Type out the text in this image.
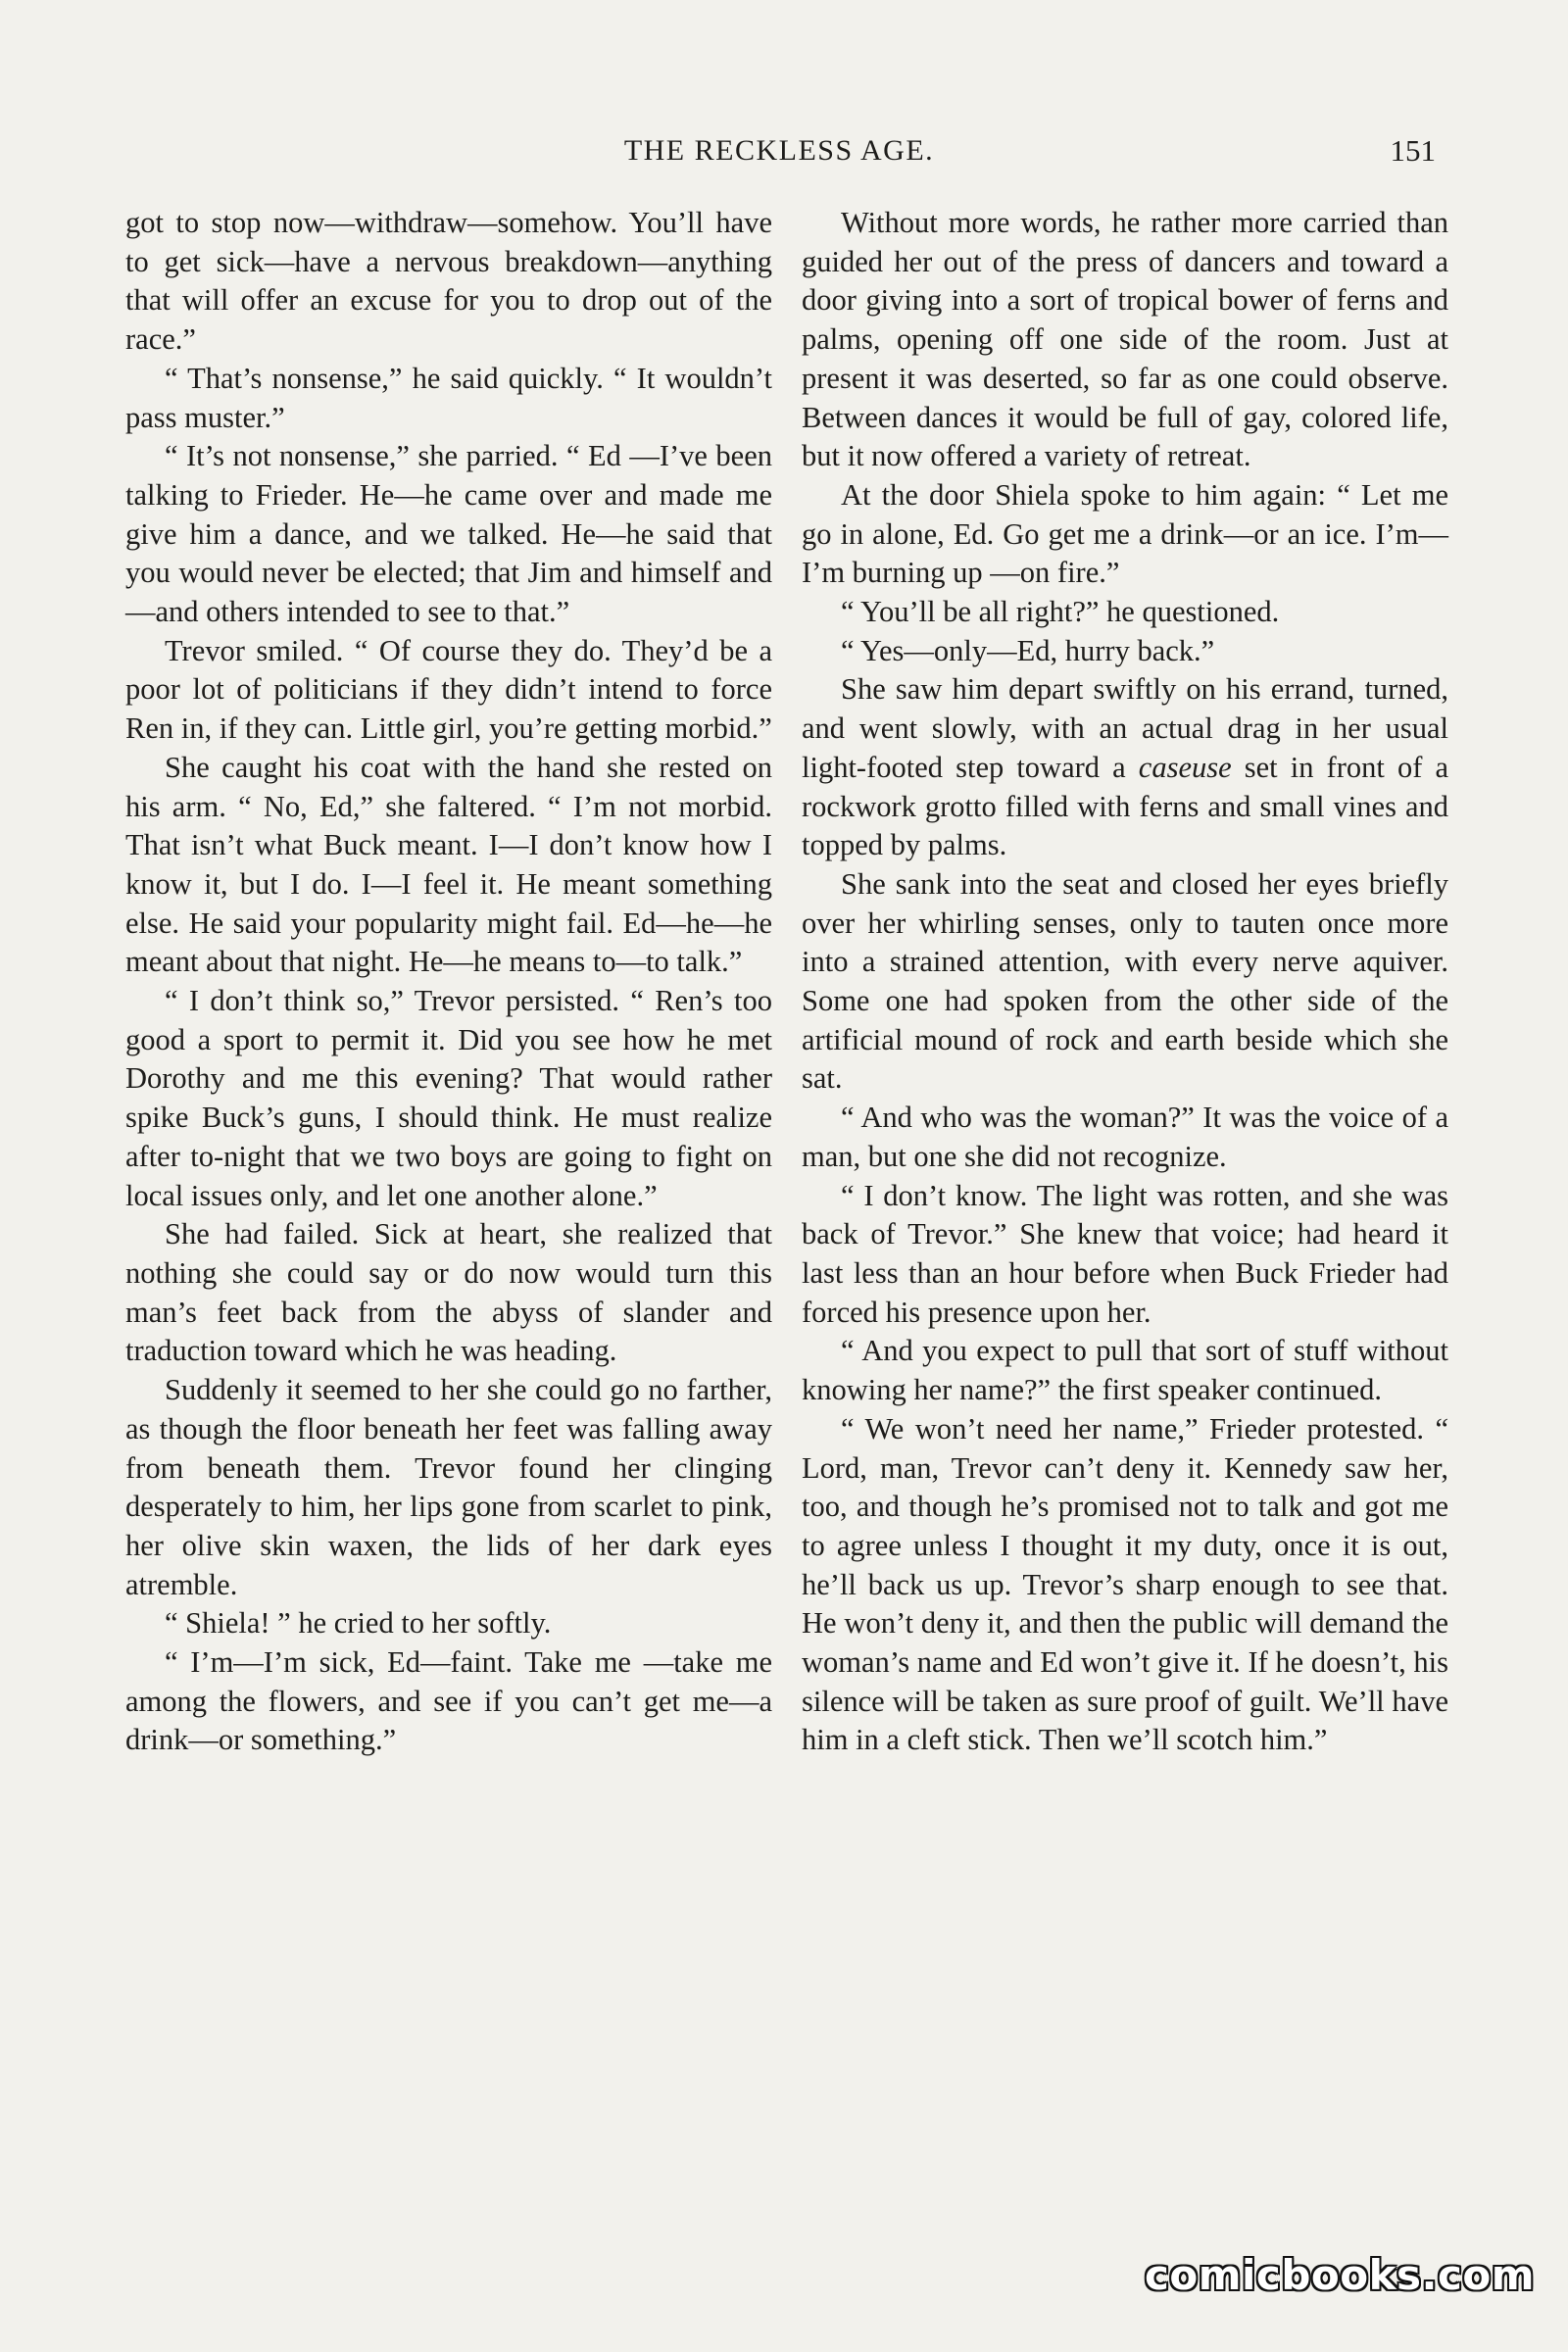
THE RECKLESS AGE.	151

got to stop now—withdraw—somehow. You’ll have to get sick—have a nervous breakdown—anything that will offer an excuse for you to drop out of the race.”

“ That’s nonsense,” he said quickly. “ It wouldn’t pass muster.”

“ It’s not nonsense,” she parried. “ Ed —I’ve been talking to Frieder. He—he came over and made me give him a dance, and we talked. He—he said that you would never be elected; that Jim and himself and—and others intended to see to that.”

Trevor smiled. “ Of course they do. They’d be a poor lot of politicians if they didn’t intend to force Ren in, if they can. Little girl, you’re getting morbid.”

She caught his coat with the hand she rested on his arm. “ No, Ed,” she faltered. “ I’m not morbid. That isn’t what Buck meant. I—I don’t know how I know it, but I do. I—I feel it. He meant something else. He said your popularity might fail. Ed—he—he meant about that night. He—he means to—to talk.”

“ I don’t think so,” Trevor persisted. “ Ren’s too good a sport to permit it. Did you see how he met Dorothy and me this evening? That would rather spike Buck’s guns, I should think. He must realize after to-night that we two boys are going to fight on local issues only, and let one another alone.”

She had failed. Sick at heart, she realized that nothing she could say or do now would turn this man’s feet back from the abyss of slander and traduction toward which he was heading.

Suddenly it seemed to her she could go no farther, as though the floor beneath her feet was falling away from beneath them. Trevor found her clinging desperately to him, her lips gone from scarlet to pink, her olive skin waxen, the lids of her dark eyes atremble.

“ Shiela! ” he cried to her softly.

“ I’m—I’m sick, Ed—faint. Take me —take me among the flowers, and see if you can’t get me—a drink—or something.”

Without more words, he rather more carried than guided her out of the press of dancers and toward a door giving into a sort of tropical bower of ferns and palms, opening off one side of the room. Just at present it was deserted, so far as one could observe. Between dances it would be full of gay, colored life, but it now offered a variety of retreat.

At the door Shiela spoke to him again: “ Let me go in alone, Ed. Go get me a drink—or an ice. I’m—I’m burning up —on fire.”

“ You’ll be all right?” he questioned.

“ Yes—only—Ed, hurry back.”

She saw him depart swiftly on his errand, turned, and went slowly, with an actual drag in her usual light-footed step toward a caseuse set in front of a rockwork grotto filled with ferns and small vines and topped by palms.

She sank into the seat and closed her eyes briefly over her whirling senses, only to tauten once more into a strained attention, with every nerve aquiver. Some one had spoken from the other side of the artificial mound of rock and earth beside which she sat.

“ And who was the woman?” It was the voice of a man, but one she did not recognize.

“ I don’t know. The light was rotten, and she was back of Trevor.” She knew that voice; had heard it last less than an hour before when Buck Frieder had forced his presence upon her.

“ And you expect to pull that sort of stuff without knowing her name?” the first speaker continued.

“ We won’t need her name,” Frieder protested. “ Lord, man, Trevor can’t deny it. Kennedy saw her, too, and though he’s promised not to talk and got me to agree unless I thought it my duty, once it is out, he’ll back us up. Trevor’s sharp enough to see that. He won’t deny it, and then the public will demand the woman’s name and Ed won’t give it. If he doesn’t, his silence will be taken as sure proof of guilt. We’ll have him in a cleft stick. Then we’ll scotch him.”

comicbooks.com
